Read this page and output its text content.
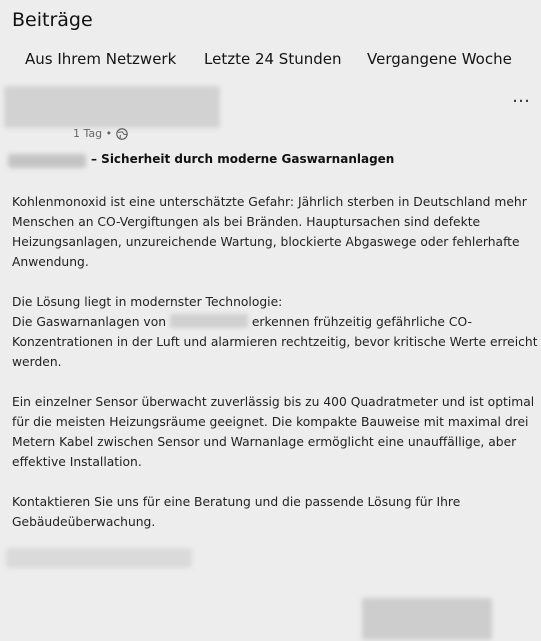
Beiträge
Aus Ihrem Netzwerk Letzte 24 Stunden Vergangene Woche
…
1 Tag •
– Sicherheit durch moderne Gaswarnanlagen

Kohlenmonoxid ist eine unterschätzte Gefahr: Jährlich sterben in Deutschland mehr Menschen an CO-Vergiftungen als bei Bränden. Hauptursachen sind defekte Heizungsanlagen, unzureichende Wartung, blockierte Abgaswege oder fehlerhafte Anwendung.

Die Lösung liegt in modernster Technologie:
Die Gaswarnanlagen von	erkennen frühzeitig gefährliche CO-Konzentrationen in der Luft und alarmieren rechtzeitig, bevor kritische Werte erreicht werden.

Ein einzelner Sensor überwacht zuverlässig bis zu 400 Quadratmeter und ist optimal für die meisten Heizungsräume geeignet. Die kompakte Bauweise mit maximal drei Metern Kabel zwischen Sensor und Warnanlage ermöglicht eine unauffällige, aber effektive Installation.

Kontaktieren Sie uns für eine Beratung und die passende Lösung für Ihre Gebäudeüberwachung.
